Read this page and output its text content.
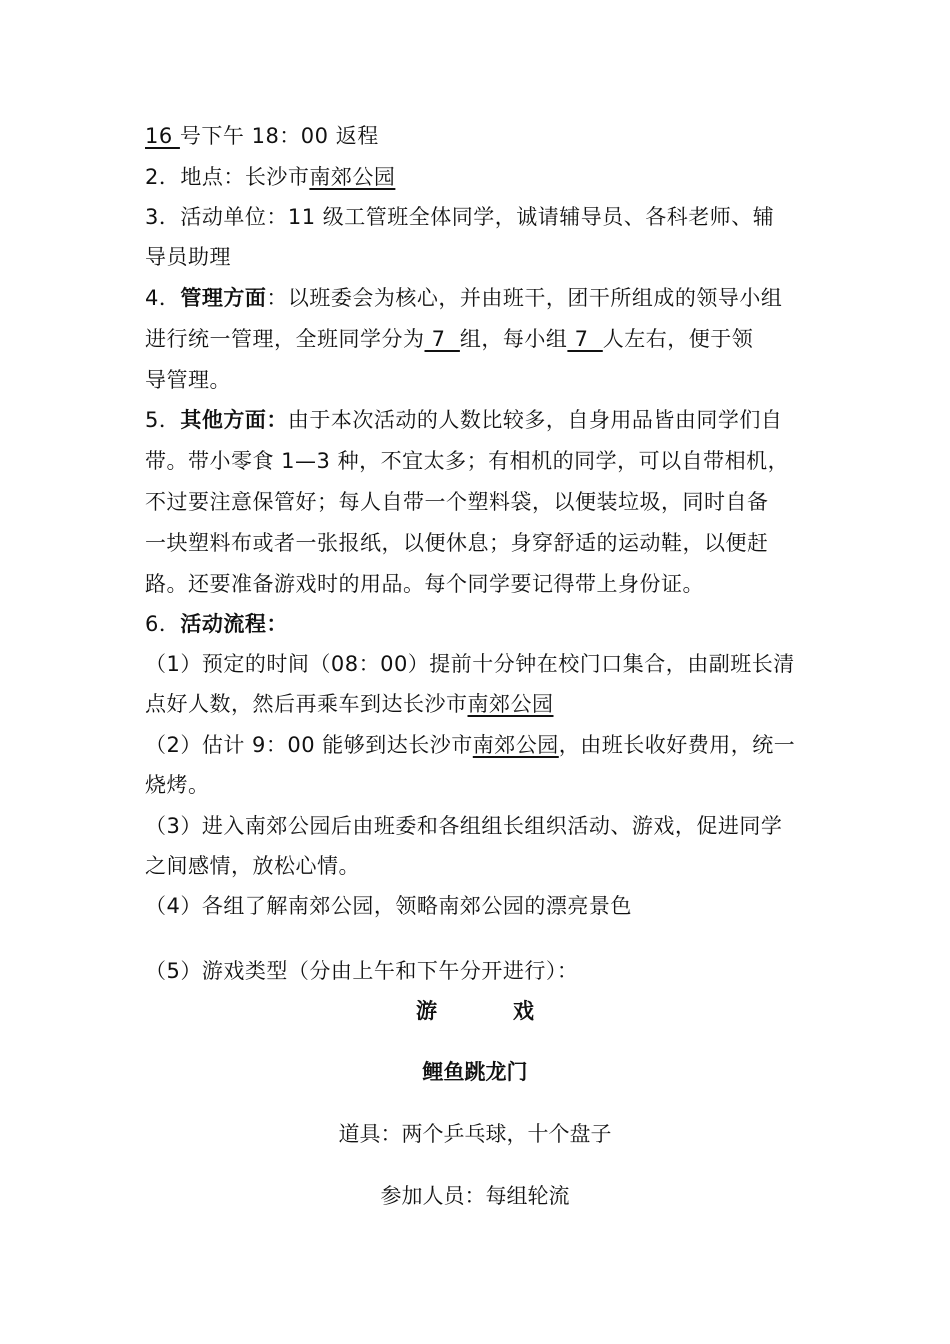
16 号下午 18：00 返程
2．地点：长沙市南郊公园
3．活动单位：11 级工管班全体同学，诚请辅导员、各科老师、辅
导员助理
4．管理方面：以班委会为核心，并由班干，团干所组成的领导小组
进行统一管理，全班同学分为 7  组，每小组 7  人左右，便于领
导管理。
5．其他方面：由于本次活动的人数比较多，自身用品皆由同学们自
带。带小零食 1—3 种，不宜太多；有相机的同学，可以自带相机，
不过要注意保管好；每人自带一个塑料袋，以便装垃圾，同时自备
一块塑料布或者一张报纸，以便休息；身穿舒适的运动鞋，以便赶
路。还要准备游戏时的用品。每个同学要记得带上身份证。
6．活动流程：
（1）预定的时间（08：00）提前十分钟在校门口集合，由副班长清
点好人数，然后再乘车到达长沙市南郊公园
（2）估计 9：00 能够到达长沙市南郊公园，由班长收好费用，统一
烧烤。
（3）进入南郊公园后由班委和各组组长组织活动、游戏，促进同学
之间感情，放松心情。
（4）各组了解南郊公园，领略南郊公园的漂亮景色
（5）游戏类型（分由上午和下午分开进行）：
游	戏
鲤鱼跳龙门
道具：两个乒乓球，十个盘子
参加人员：每组轮流
